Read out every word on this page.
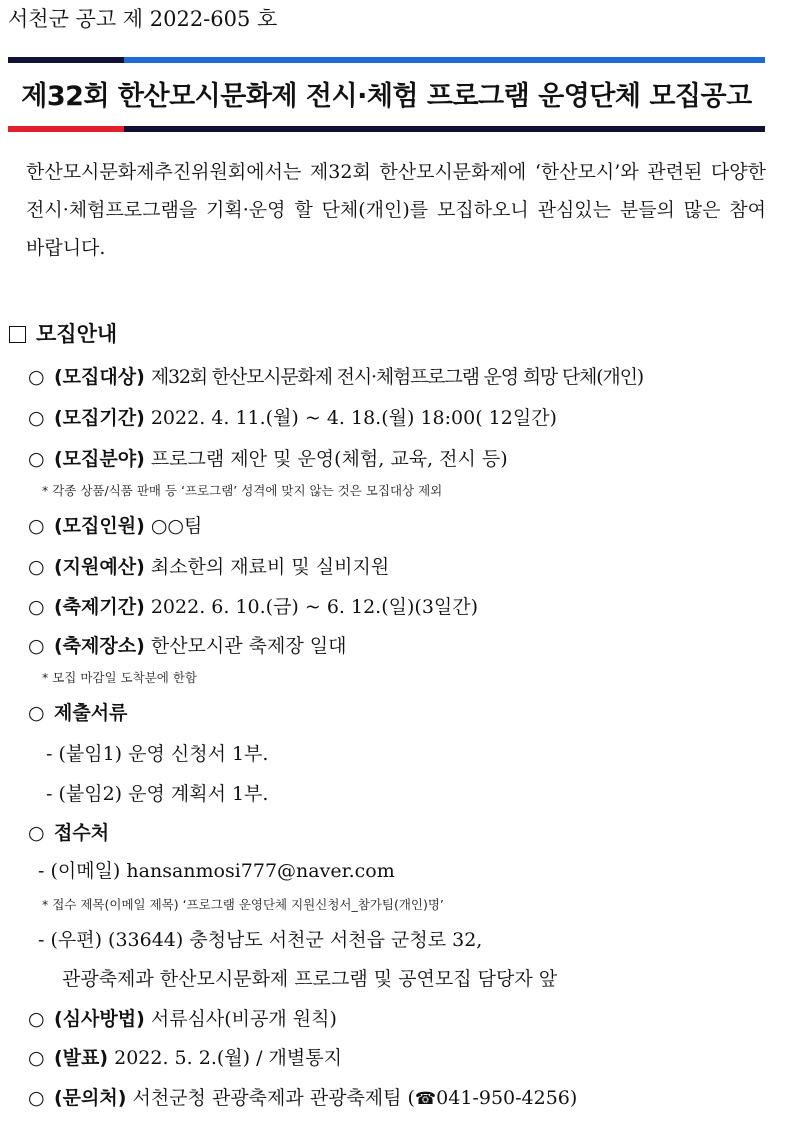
서천군 공고 제 2022-605 호
제32회 한산모시문화제 전시·체험 프로그램 운영단체 모집공고
한산모시문화제추진위원회에서는 제32회 한산모시문화제에 ‘한산모시’와 관련된 다양한 전시·체험프로그램을 기획·운영 할 단체(개인)를 모집하오니 관심있는 분들의 많은 참여 바랍니다.
모집안내
○ (모집대상) 제32회 한산모시문화제 전시·체험프로그램 운영 희망 단체(개인)
○ (모집기간) 2022. 4. 11.(월) ~ 4. 18.(월) 18:00( 12일간)
○ (모집분야) 프로그램 제안 및 운영(체험, 교육, 전시 등)
* 각종 상품/식품 판매 등 ‘프로그램’ 성격에 맞지 않는 것은 모집대상 제외
○ (모집인원) ○○팀
○ (지원예산) 최소한의 재료비 및 실비지원
○ (축제기간) 2022. 6. 10.(금) ~ 6. 12.(일)(3일간)
○ (축제장소) 한산모시관 축제장 일대
* 모집 마감일 도착분에 한함
○ 제출서류
- (붙임1) 운영 신청서 1부.
- (붙임2) 운영 계획서 1부.
○ 접수처
- (이메일) hansanmosi777@naver.com
* 접수 제목(이메일 제목) ‘프로그램 운영단체 지원신청서_참가팀(개인)명’
- (우편) (33644) 충청남도 서천군 서천읍 군청로 32,
관광축제과 한산모시문화제 프로그램 및 공연모집 담당자 앞
○ (심사방법) 서류심사(비공개 원칙)
○ (발표) 2022. 5. 2.(월) / 개별통지
○ (문의처) 서천군청 관광축제과 관광축제팀 (☎041-950-4256)
